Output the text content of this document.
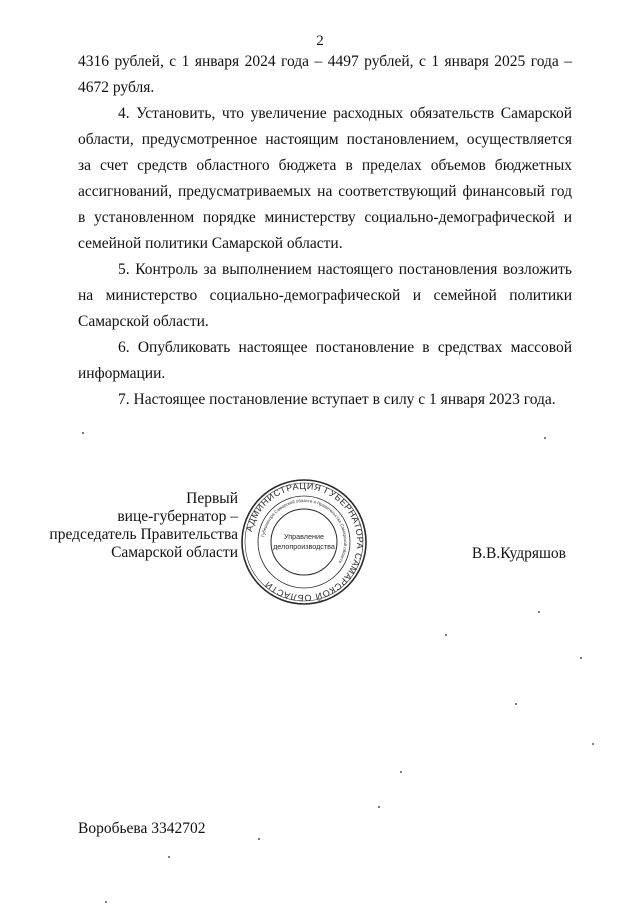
2

4316 рублей, с 1 января 2024 года – 4497 рублей, с 1 января 2025 года – 4672 рубля.

4. Установить, что увеличение расходных обязательств Самарской области, предусмотренное настоящим постановлением, осуществляется за счет средств областного бюджета в пределах объемов бюджетных ассигнований, предусматриваемых на соответствующий финансовый год в установленном порядке министерству социально-демографической и семейной политики Самарской области.

5. Контроль за выполнением настоящего постановления возложить на министерство социально-демографической и семейной политики Самарской области.

6. Опубликовать настоящее постановление в средствах массовой информации.

7. Настоящее постановление вступает в силу с 1 января 2023 года.

Первый
вице-губернатор –
председатель Правительства
Самарской области
АДМИНИСТРАЦИЯ ГУБЕРНАТОРА САМАРСКОЙ ОБЛАСТИ
Губернатора Самарской области и Правительства Самарской области
Управление
делопроизводства	В.В.Кудряшов
Воробьева 3342702
